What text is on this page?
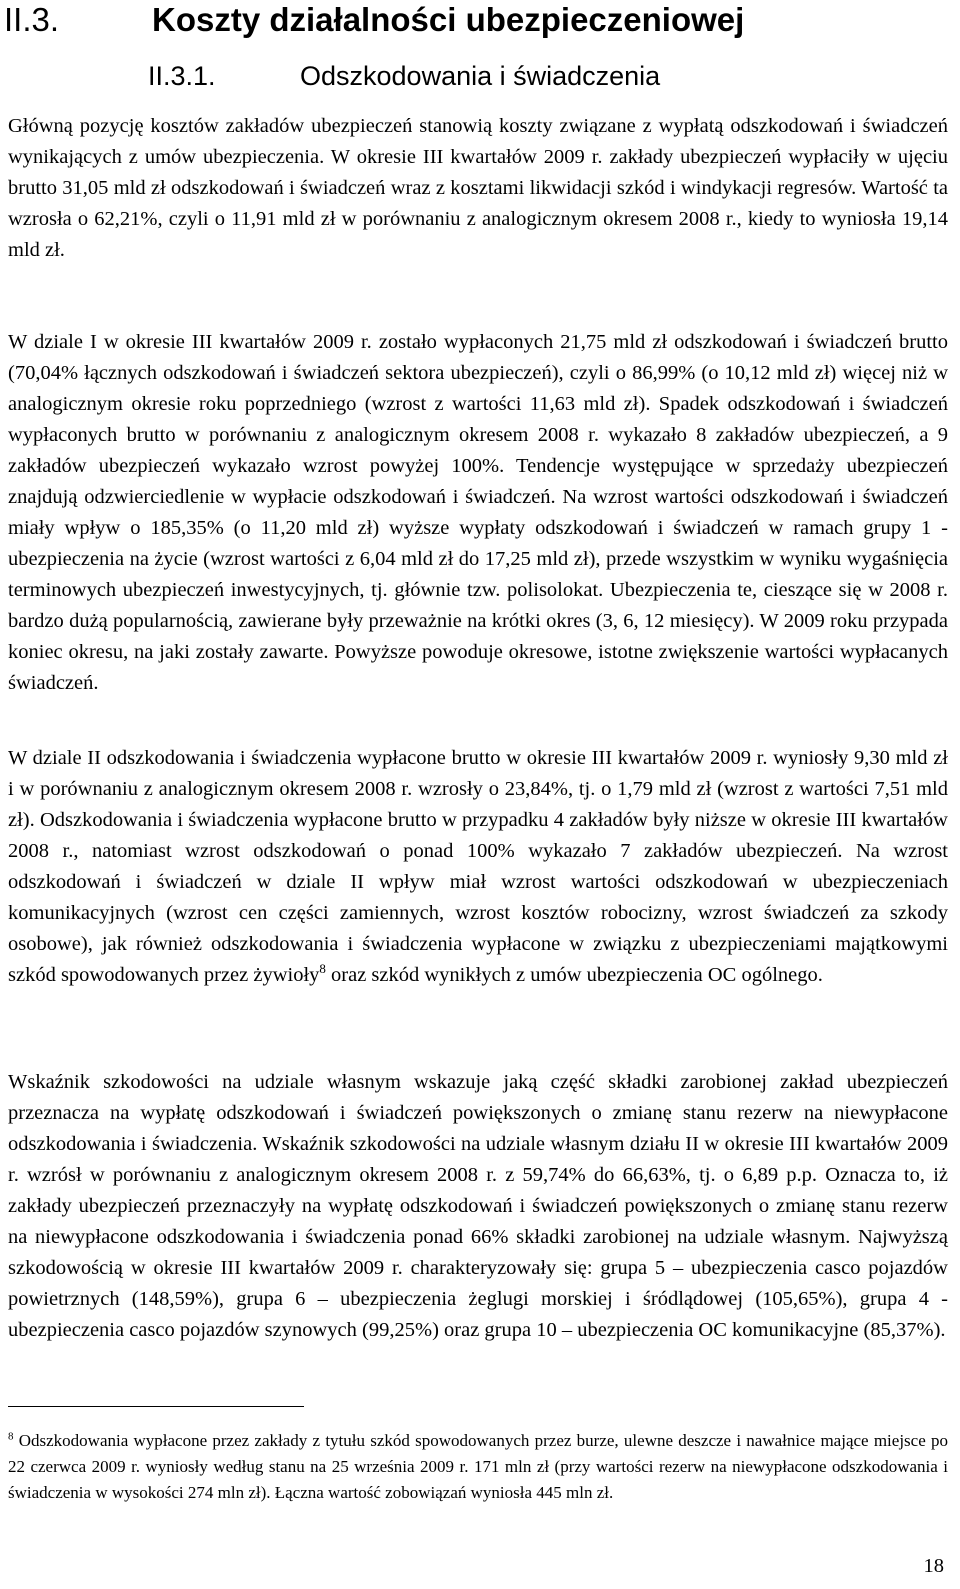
II.3.	Koszty działalności ubezpieczeniowej
II.3.1.	Odszkodowania i świadczenia

Główną pozycję kosztów zakładów ubezpieczeń stanowią koszty związane z wypłatą odszkodowań i świadczeń wynikających z umów ubezpieczenia. W okresie III kwartałów 2009 r. zakłady ubezpieczeń wypłaciły w ujęciu brutto 31,05 mld zł odszkodowań i świadczeń wraz z kosztami likwidacji szkód i windykacji regresów. Wartość ta wzrosła o 62,21%, czyli o 11,91 mld zł w porównaniu z analogicznym okresem 2008 r., kiedy to wyniosła 19,14 mld zł.

W dziale I w okresie III kwartałów 2009 r. zostało wypłaconych 21,75 mld zł odszkodowań i świadczeń brutto (70,04% łącznych odszkodowań i świadczeń sektora ubezpieczeń), czyli o 86,99% (o 10,12 mld zł) więcej niż w analogicznym okresie roku poprzedniego (wzrost z wartości 11,63 mld zł). Spadek odszkodowań i świadczeń wypłaconych brutto w porównaniu z analogicznym okresem 2008 r. wykazało 8 zakładów ubezpieczeń, a 9 zakładów ubezpieczeń wykazało wzrost powyżej 100%. Tendencje występujące w sprzedaży ubezpieczeń znajdują odzwierciedlenie w wypłacie odszkodowań i świadczeń. Na wzrost wartości odszkodowań i świadczeń miały wpływ o 185,35% (o 11,20 mld zł) wyższe wypłaty odszkodowań i świadczeń w ramach grupy 1 - ubezpieczenia na życie (wzrost wartości z 6,04 mld zł do 17,25 mld zł), przede wszystkim w wyniku wygaśnięcia terminowych ubezpieczeń inwestycyjnych, tj. głównie tzw. polisolokat. Ubezpieczenia te, cieszące się w 2008 r. bardzo dużą popularnością, zawierane były przeważnie na krótki okres (3, 6, 12 miesięcy). W 2009 roku przypada koniec okresu, na jaki zostały zawarte. Powyższe powoduje okresowe, istotne zwiększenie wartości wypłacanych świadczeń.

W dziale II odszkodowania i świadczenia wypłacone brutto w okresie III kwartałów 2009 r. wyniosły 9,30 mld zł i w porównaniu z analogicznym okresem 2008 r. wzrosły o 23,84%, tj. o 1,79 mld zł (wzrost z wartości 7,51 mld zł). Odszkodowania i świadczenia wypłacone brutto w przypadku 4 zakładów były niższe w okresie III kwartałów 2008 r., natomiast wzrost odszkodowań o ponad 100% wykazało 7 zakładów ubezpieczeń. Na wzrost odszkodowań i świadczeń w dziale II wpływ miał wzrost wartości odszkodowań w ubezpieczeniach komunikacyjnych (wzrost cen części zamiennych, wzrost kosztów robocizny, wzrost świadczeń za szkody osobowe), jak również odszkodowania i świadczenia wypłacone w związku z ubezpieczeniami majątkowymi szkód spowodowanych przez żywioły$^8$ oraz szkód wynikłych z umów ubezpieczenia OC ogólnego.

Wskaźnik szkodowości na udziale własnym wskazuje jaką część składki zarobionej zakład ubezpieczeń przeznacza na wypłatę odszkodowań i świadczeń powiększonych o zmianę stanu rezerw na niewypłacone odszkodowania i świadczenia. Wskaźnik szkodowości na udziale własnym działu II w okresie III kwartałów 2009 r. wzrósł w porównaniu z analogicznym okresem 2008 r. z 59,74% do 66,63%, tj. o 6,89 p.p. Oznacza to, iż zakłady ubezpieczeń przeznaczyły na wypłatę odszkodowań i świadczeń powiększonych o zmianę stanu rezerw na niewypłacone odszkodowania i świadczenia ponad 66% składki zarobionej na udziale własnym. Najwyższą szkodowością w okresie III kwartałów 2009 r. charakteryzowały się: grupa 5 – ubezpieczenia casco pojazdów powietrznych (148,59%), grupa 6 – ubezpieczenia żeglugi morskiej i śródlądowej (105,65%), grupa 4 - ubezpieczenia casco pojazdów szynowych (99,25%) oraz grupa 10 – ubezpieczenia OC komunikacyjne (85,37%).

$^8$ Odszkodowania wypłacone przez zakłady z tytułu szkód spowodowanych przez burze, ulewne deszcze i nawałnice mające miejsce po 22 czerwca 2009 r. wyniosły według stanu na 25 września 2009 r. 171 mln zł (przy wartości rezerw na niewypłacone odszkodowania i świadczenia w wysokości 274 mln zł). Łączna wartość zobowiązań wyniosła 445 mln zł.

18
